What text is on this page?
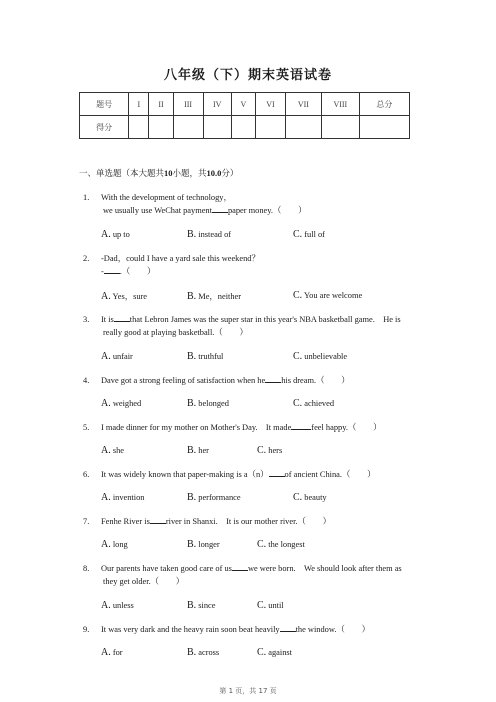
八年级（下）期末英语试卷
题号	I	II	III	IV	V	VI	VII	VIII	总分
得分									
一、单选题（本大题共10小题，共10.0分）
1. With the development of technology，
we usually use WeChat payment paper money.（　　）
A. up to	B. instead of	C. full of
2. -Dad，could I have a yard sale this weekend？
- .（　　）
A. Yes，sure	B. Me，neither	C. You are welcome
3. It is that Lebron James was the super star in this year's NBA basketball game.　He is
really good at playing basketball.（　　）
A. unfair	B. truthful	C. unbelievable
4. Dave got a strong feeling of satisfaction when he his dream.（　　）
A. weighed	B. belonged	C. achieved
5. I made dinner for my mother on Mother's Day.　It made feel happy.（　　）
A. she	B. her	C. hers
6. It was widely known that paper-making is a（n） of ancient China.（　　）
A. invention	B. performance	C. beauty
7. Fenhe River is river in Shanxi.　It is our mother river.（　　）
A. long	B. longer	C. the longest
8. Our parents have taken good care of us we were born.　We should look after them as
they get older.（　　）
A. unless	B. since	C. until
9. It was very dark and the heavy rain soon beat heavily the window.（　　）
A. for	B. across	C. against
第 1 页，共 17 页
